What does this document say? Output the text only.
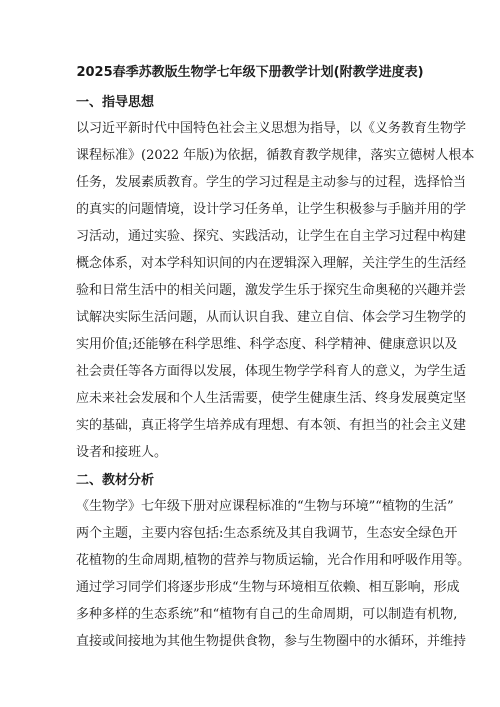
2025春季苏教版生物学七年级下册教学计划(附教学进度表)
一、指导思想
以习近平新时代中国特色社会主义思想为指导，以《义务教育生物学
课程标准》(2022 年版)为依据，循教育教学规律，落实立德树人根本
任务，发展素质教育。学生的学习过程是主动参与的过程，选择恰当
的真实的问题情境，设计学习任务单，让学生积极参与手脑并用的学
习活动，通过实验、探究、实践活动，让学生在自主学习过程中构建
概念体系，对本学科知识间的内在逻辑深入理解，关注学生的生活经
验和日常生活中的相关问题，激发学生乐于探究生命奥秘的兴趣并尝
试解决实际生活问题，从而认识自我、建立自信、体会学习生物学的
实用价值;还能够在科学思维、科学态度、科学精神、健康意识以及
社会责任等各方面得以发展，体现生物学学科育人的意义，为学生适
应未来社会发展和个人生活需要，使学生健康生活、终身发展奠定坚
实的基础，真正将学生培养成有理想、有本领、有担当的社会主义建
设者和接班人。
二、教材分析
《生物学》七年级下册对应课程标准的“生物与环境”“植物的生活”
两个主题，主要内容包括:生态系统及其自我调节，生态安全绿色开
花植物的生命周期,植物的营养与物质运输，光合作用和呼吸作用等。
通过学习同学们将逐步形成“生物与环境相互依赖、相互影响，形成
多种多样的生态系统”和“植物有自己的生命周期，可以制造有机物,
直接或间接地为其他生物提供食物，参与生物圈中的水循环，并维持
